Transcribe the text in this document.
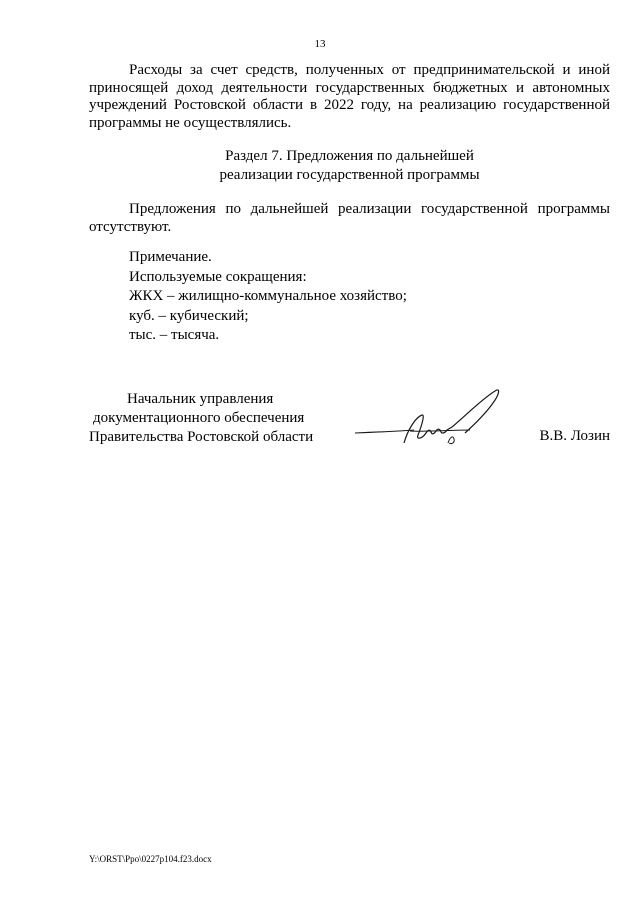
13
Расходы за счет средств, полученных от предпринимательской и иной приносящей доход деятельности государственных бюджетных и автономных учреждений Ростовской области в 2022 году, на реализацию государственной программы не осуществлялись.
Раздел 7. Предложения по дальнейшей
реализации государственной программы
Предложения по дальнейшей реализации государственной программы отсутствуют.
Примечание.
Используемые сокращения:
ЖКХ – жилищно-коммунальное хозяйство;
куб. – кубический;
тыс. – тысяча.
Начальник управления
документационного обеспечения
Правительства Ростовской области	В.В. Лозин
Y:\ORST\Ppo\0227p104.f23.docx
